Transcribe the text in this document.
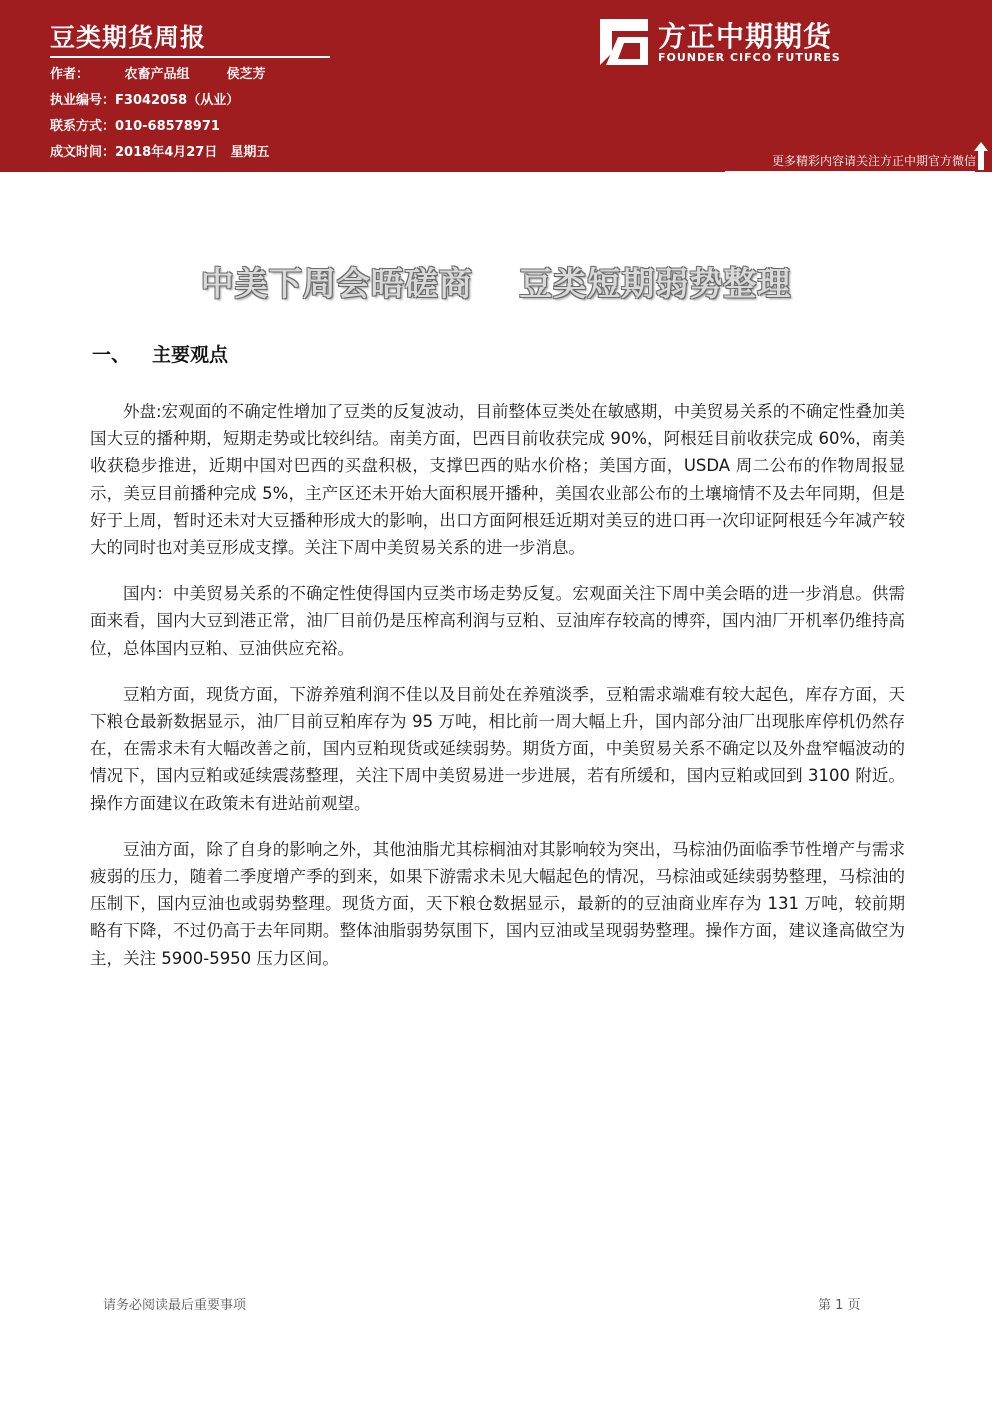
豆类期货周报
作者：	农畜产品组	侯芝芳
执业编号：F3042058（从业）
联系方式：010-68578971
成文时间：2018年4月27日　星期五
方正中期期货
FOUNDER CIFCO FUTURES
更多精彩内容请关注方正中期官方微信
中美下周会晤磋商　 豆类短期弱势整理
一、 主要观点

外盘:宏观面的不确定性增加了豆类的反复波动，目前整体豆类处在敏感期，中美贸易关系的不确定性叠加美国大豆的播种期，短期走势或比较纠结。南美方面，巴西目前收获完成 90%，阿根廷目前收获完成 60%，南美收获稳步推进，近期中国对巴西的买盘积极，支撑巴西的贴水价格；美国方面，USDA 周二公布的作物周报显示，美豆目前播种完成 5%，主产区还未开始大面积展开播种，美国农业部公布的土壤墒情不及去年同期，但是好于上周，暂时还未对大豆播种形成大的影响，出口方面阿根廷近期对美豆的进口再一次印证阿根廷今年减产较大的同时也对美豆形成支撑。关注下周中美贸易关系的进一步消息。

国内：中美贸易关系的不确定性使得国内豆类市场走势反复。宏观面关注下周中美会晤的进一步消息。供需面来看，国内大豆到港正常，油厂目前仍是压榨高利润与豆粕、豆油库存较高的博弈，国内油厂开机率仍维持高位，总体国内豆粕、豆油供应充裕。

豆粕方面，现货方面，下游养殖利润不佳以及目前处在养殖淡季，豆粕需求端难有较大起色，库存方面，天下粮仓最新数据显示，油厂目前豆粕库存为 95 万吨，相比前一周大幅上升，国内部分油厂出现胀库停机仍然存在，在需求未有大幅改善之前，国内豆粕现货或延续弱势。期货方面，中美贸易关系不确定以及外盘窄幅波动的情况下，国内豆粕或延续震荡整理，关注下周中美贸易进一步进展，若有所缓和，国内豆粕或回到 3100 附近。操作方面建议在政策未有进站前观望。

豆油方面，除了自身的影响之外，其他油脂尤其棕榈油对其影响较为突出，马棕油仍面临季节性增产与需求疲弱的压力，随着二季度增产季的到来，如果下游需求未见大幅起色的情况，马棕油或延续弱势整理，马棕油的压制下，国内豆油也或弱势整理。现货方面，天下粮仓数据显示，最新的的豆油商业库存为 131 万吨，较前期略有下降，不过仍高于去年同期。整体油脂弱势氛围下，国内豆油或呈现弱势整理。操作方面，建议逢高做空为主，关注 5900-5950 压力区间。

请务必阅读最后重要事项	第 1 页
